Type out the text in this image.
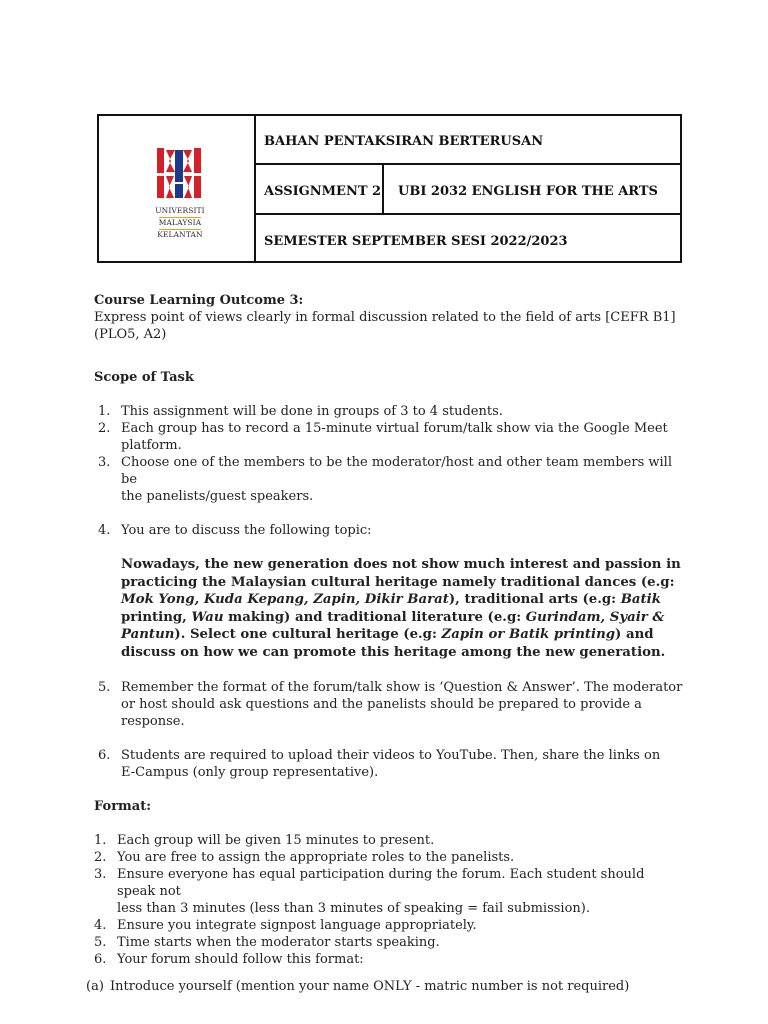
UNIVERSITI
MALAYSIA
KELANTAN
BAHAN PENTAKSIRAN BERTERUSAN
ASSIGNMENT 2 UBI 2032 ENGLISH FOR THE ARTS
SEMESTER SEPTEMBER SESI 2022/2023

Course Learning Outcome 3:

Express point of views clearly in formal discussion related to the field of arts [CEFR B1]

(PLO5, A2)

Scope of Task

1. This assignment will be done in groups of 3 to 4 students.
2. Each group has to record a 15-minute virtual forum/talk show via the Google Meet
platform.
3. Choose one of the members to be the moderator/host and other team members will be
the panelists/guest speakers.
4. You are to discuss the following topic:

Nowadays, the new generation does not show much interest and passion in practicing the Malaysian cultural heritage namely traditional dances (e.g: Mok Yong, Kuda Kepang, Zapin, Dikir Barat), traditional arts (e.g: Batik printing, Wau making) and traditional literature (e.g: Gurindam, Syair & Pantun). Select one cultural heritage (e.g: Zapin or Batik printing) and discuss on how we can promote this heritage among the new generation.

5. Remember the format of the forum/talk show is ‘Question & Answer’. The moderator
or host should ask questions and the panelists should be prepared to provide a response.
6. Students are required to upload their videos to YouTube. Then, share the links on
E-Campus (only group representative).

Format:

1. Each group will be given 15 minutes to present.
2. You are free to assign the appropriate roles to the panelists.
3. Ensure everyone has equal participation during the forum. Each student should speak not
less than 3 minutes (less than 3 minutes of speaking = fail submission).
4. Ensure you integrate signpost language appropriately.
5. Time starts when the moderator starts speaking.
6. Your forum should follow this format:
(a) Introduce yourself (mention your name ONLY - matric number is not required)
